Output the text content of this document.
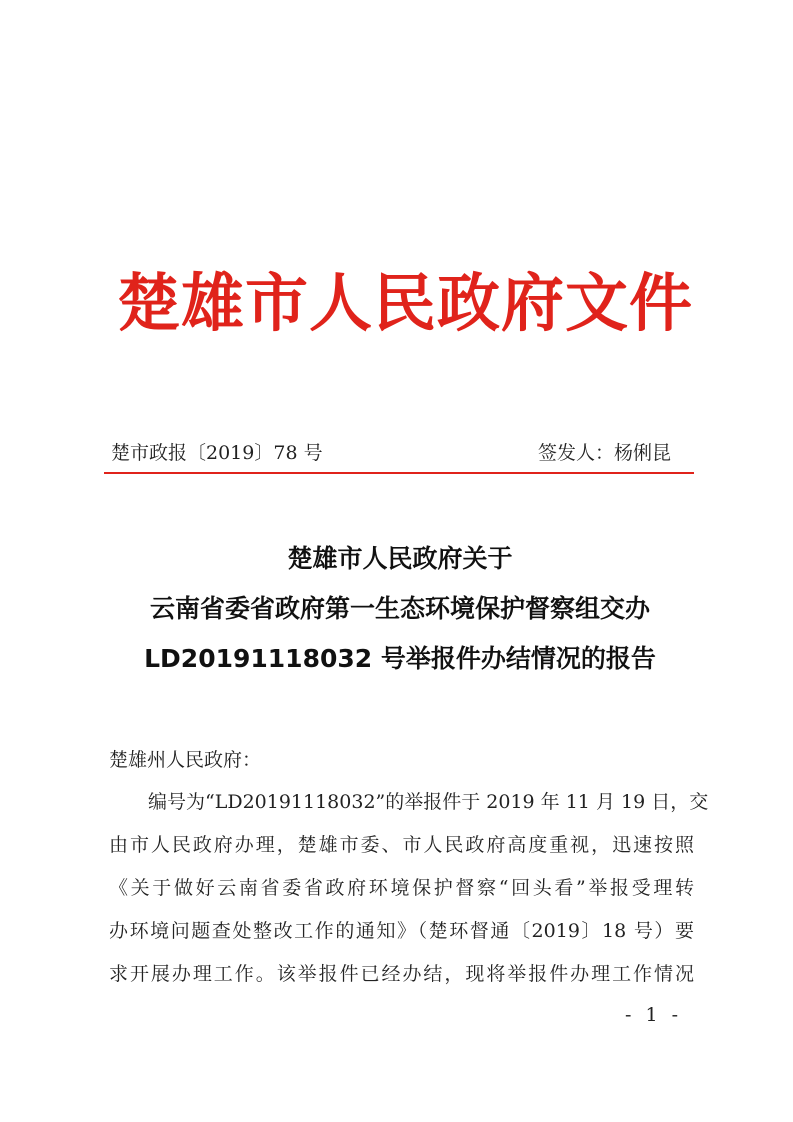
楚雄市人民政府文件
楚市政报〔2019〕78 号	签发人：杨俐昆
楚雄市人民政府关于
云南省委省政府第一生态环境保护督察组交办
LD20191118032 号举报件办结情况的报告
楚雄州人民政府：
编号为“LD20191118032”的举报件于 2019 年 11 月 19 日，交
由市人民政府办理，楚雄市委、市人民政府高度重视，迅速按照
《关于做好云南省委省政府环境保护督察“回头看”举报受理转
办环境问题查处整改工作的通知》（楚环督通〔2019〕18 号）要
求开展办理工作。该举报件已经办结，现将举报件办理工作情况
- 1 -
